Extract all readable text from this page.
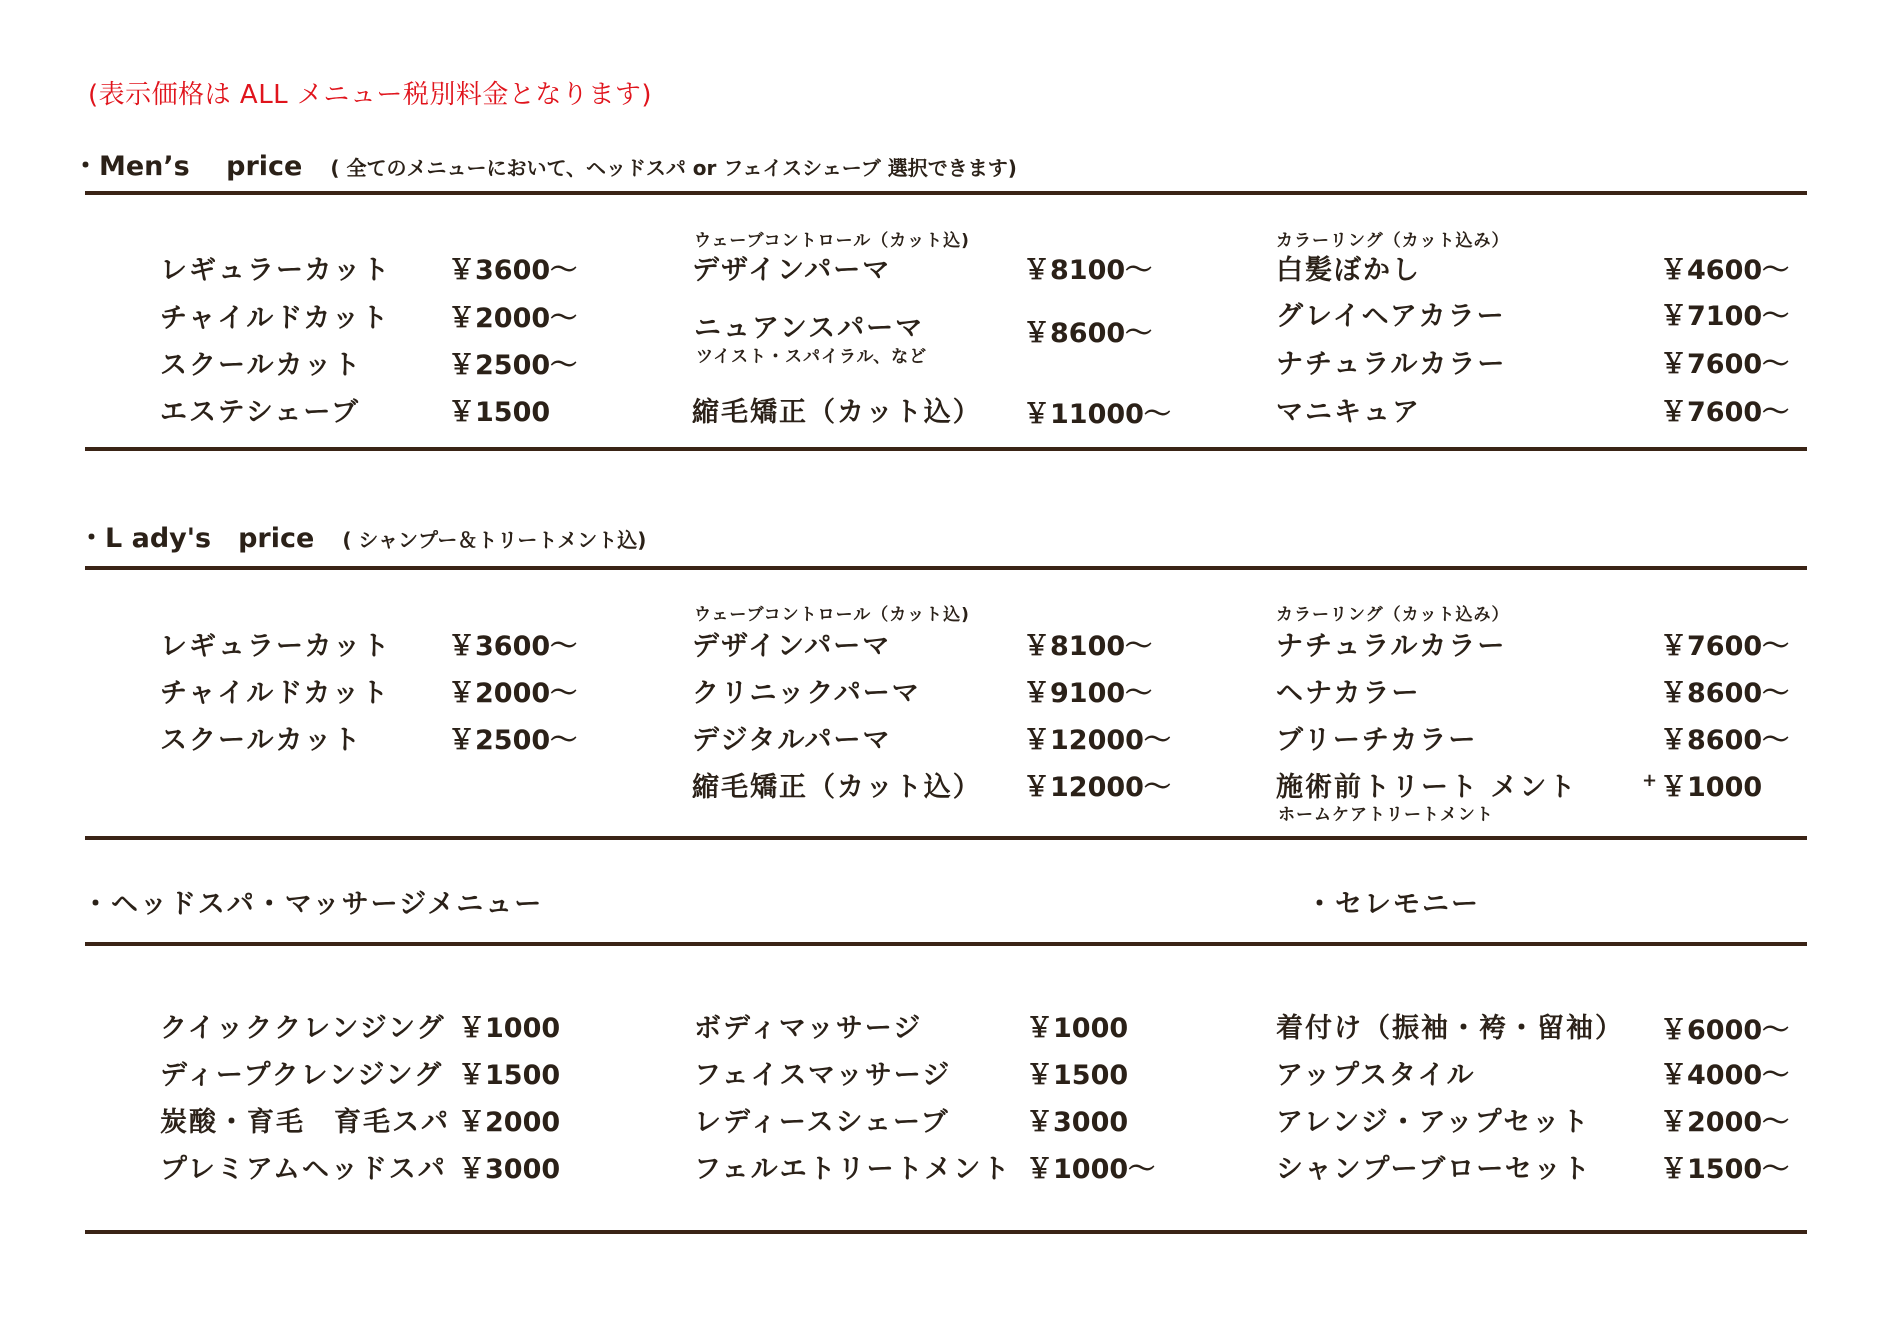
(表示価格は ALL メニュー税別料金となります)
・Men’s　 price ( 全てのメニューにおいて、ヘッドスパ or フェイスシェーブ 選択できます)
レギュラーカット ￥3600〜
チャイルドカット ￥2000〜
スクールカット	￥2500〜
エステシェーブ	￥1500
ウェーブコントロール（カット込)
デザインパーマ	￥8100〜
ニュアンスパーマ
ツイスト・スパイラル、など
￥8600〜
縮毛矯正（カット込） ￥11000〜
カラーリング（カット込み）
白髪ぼかし	￥4600〜
グレイヘアカラー	￥7100〜
ナチュラルカラー	￥7600〜
マニキュア	￥7600〜
・L ady's　price ( シャンプー＆トリートメント込)
レギュラーカット ￥3600〜
チャイルドカット ￥2000〜
スクールカット	￥2500〜
ウェーブコントロール（カット込)
デザインパーマ	￥8100〜
クリニックパーマ	￥9100〜
デジタルパーマ	￥12000〜
縮毛矯正（カット込） ￥12000〜
カラーリング（カット込み）
ナチュラルカラー	￥7600〜
ヘナカラー	￥8600〜
ブリーチカラー	￥8600〜
施術前トリート メント
ホームケアトリートメント
+ ￥1000
・ヘッドスパ・マッサージメニュー	・セレモニー
クイッククレンジング ￥1000
ディープクレンジング ￥1500
炭酸・育毛　育毛スパ ￥2000
プレミアムヘッドスパ ￥3000
ボディマッサージ	￥1000
フェイスマッサージ	￥1500
レディースシェーブ	￥3000
フェルエトリートメント ￥1000〜
着付け（振袖・袴・留袖） ￥6000〜
アップスタイル	￥4000〜
アレンジ・アップセット	￥2000〜
シャンプーブローセット	￥1500〜
